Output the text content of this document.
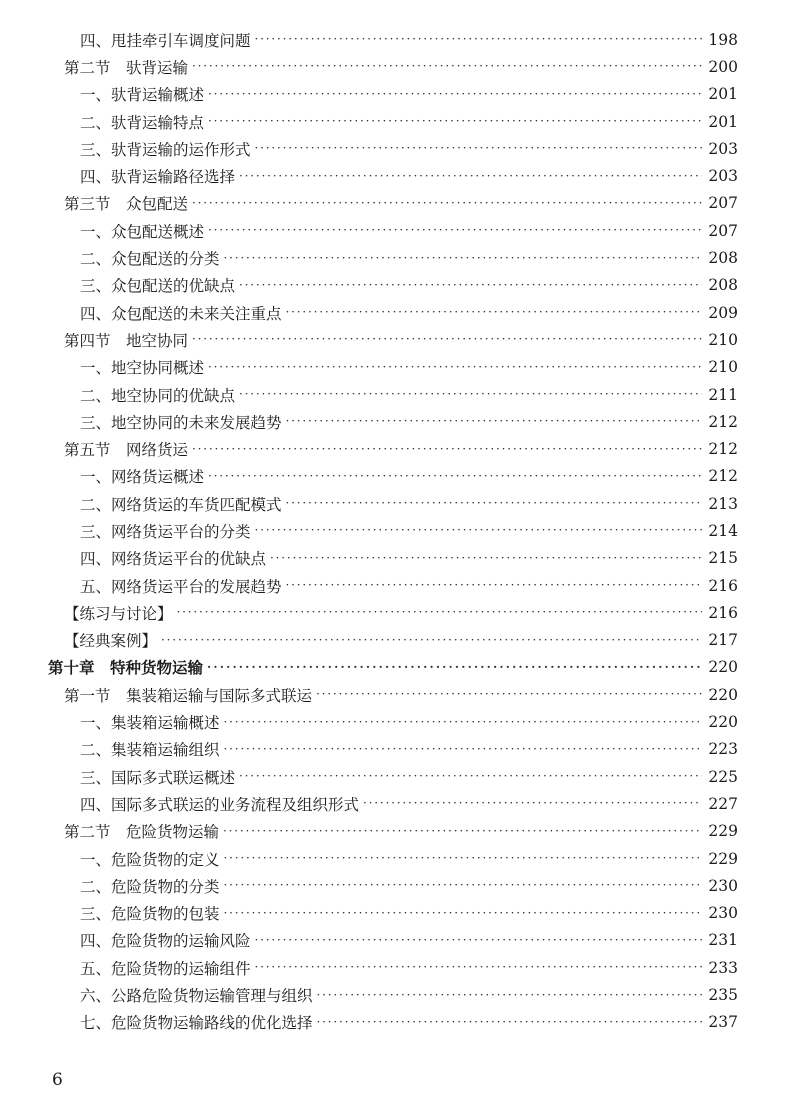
四、甩挂牵引车调度问题 · · ·	198
第二节　驮背运输 · · ·	200
一、驮背运输概述 · · ·	201
二、驮背运输特点 · · ·	201
三、驮背运输的运作形式 · · ·	203
四、驮背运输路径选择 · · ·	203
第三节　众包配送 · · ·	207
一、众包配送概述 · · ·	207
二、众包配送的分类 · · ·	208
三、众包配送的优缺点 · · ·	208
四、众包配送的未来关注重点 · · ·	209
第四节　地空协同 · · ·	210
一、地空协同概述 · · ·	210
二、地空协同的优缺点 · · ·	211
三、地空协同的未来发展趋势 · · ·	212
第五节　网络货运 · · ·	212
一、网络货运概述 · · ·	212
二、网络货运的车货匹配模式 · · ·	213
三、网络货运平台的分类 · · ·	214
四、网络货运平台的优缺点 · · ·	215
五、网络货运平台的发展趋势 · · ·	216
【练习与讨论】 · · ·	216
【经典案例】 · · ·	217
第十章　特种货物运输 · · ·	220
第一节　集装箱运输与国际多式联运 · · ·	220
一、集装箱运输概述 · · ·	220
二、集装箱运输组织 · · ·	223
三、国际多式联运概述 · · ·	225
四、国际多式联运的业务流程及组织形式 · · ·	227
第二节　危险货物运输 · · ·	229
一、危险货物的定义 · · ·	229
二、危险货物的分类 · · ·	230
三、危险货物的包装 · · ·	230
四、危险货物的运输风险 · · ·	231
五、危险货物的运输组件 · · ·	233
六、公路危险货物运输管理与组织 · · ·	235
七、危险货物运输路线的优化选择 · · ·	237
6
